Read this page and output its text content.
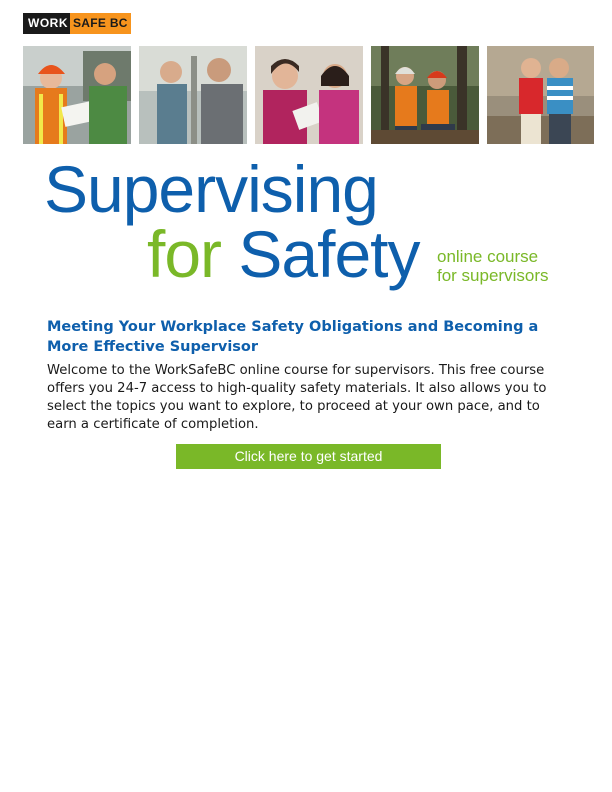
WORK SAFE BC
Supervising
for Safety online course
for supervisors
Meeting Your Workplace Safety Obligations and Becoming a More Effective Supervisor
Welcome to the WorkSafeBC online course for supervisors. This free course offers you 24-7 access to high-quality safety materials. It also allows you to select the topics you want to explore, to proceed at your own pace, and to earn a certificate of completion.
Click here to get started
